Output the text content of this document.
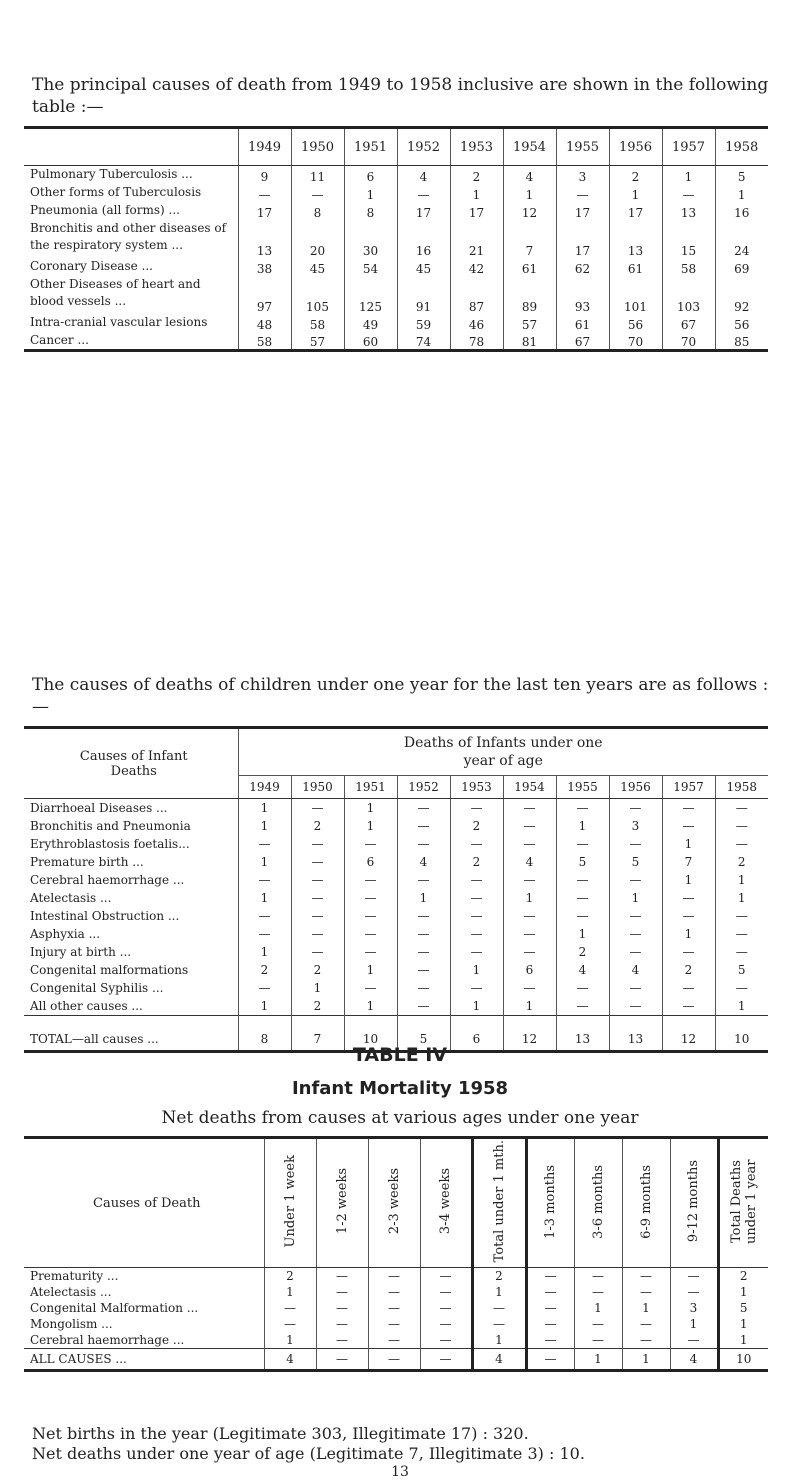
The principal causes of death from 1949 to 1958 inclusive are shown in the following table :—
	1949	1950	1951	1952	1953	1954	1955	1956	1957	1958
Pulmonary Tuberculosis ...	9	11	6	4	2	4	3	2	1	5
Other forms of Tuberculosis	—	—	1	—	1	1	—	1	—	1
Pneumonia (all forms) ...	17	8	8	17	17	12	17	17	13	16
Bronchitis and other diseases of the respiratory system ...	13	20	30	16	21	7	17	13	15	24
Coronary Disease ...	38	45	54	45	42	61	62	61	58	69
Other Diseases of heart and blood vessels ...	97	105	125	91	87	89	93	101	103	92
Intra-cranial vascular lesions	48	58	49	59	46	57	61	56	67	56
Cancer ...	58	57	60	74	78	81	67	70	70	85
The causes of deaths of children under one year for the last ten years are as follows :—
Causes of Infant Deaths	Deaths of Infants under one year of age									
	1949	1950	1951	1952	1953	1954	1955	1956	1957	1958
Diarrhoeal Diseases ...	1	—	1	—	—	—	—	—	—	—
Bronchitis and Pneumonia	1	2	1	—	2	—	1	3	—	—
Erythroblastosis foetalis...	—	—	—	—	—	—	—	—	1	—
Premature birth ...	1	—	6	4	2	4	5	5	7	2
Cerebral haemorrhage ...	—	—	—	—	—	—	—	—	1	1
Atelectasis ...	1	—	—	1	—	1	—	1	—	1
Intestinal Obstruction ...	—	—	—	—	—	—	—	—	—	—
Asphyxia ...	—	—	—	—	—	—	1	—	1	—
Injury at birth ...	1	—	—	—	—	—	2	—	—	—
Congenital malformations	2	2	1	—	1	6	4	4	2	5
Congenital Syphilis ...	—	1	—	—	—	—	—	—	—	—
All other causes ...	1	2	1	—	1	1	—	—	—	1
TOTAL—all causes ...	8	7	10	5	6	12	13	13	12	10
TABLE IV
Infant Mortality 1958
Net deaths from causes at various ages under one year
Causes of Death	Under 1 week	1-2 weeks	2-3 weeks	3-4 weeks	Total under 1 mth.	1-3 months	3-6 months	6-9 months	9-12 months	Total Deaths under 1 year
Prematurity ...	2	—	—	—	2	—	—	—	—	2
Atelectasis ...	1	—	—	—	1	—	—	—	—	1
Congenital Malformation ...	—	—	—	—	—	—	1	1	3	5
Mongolism ...	—	—	—	—	—	—	—	—	1	1
Cerebral haemorrhage ...	1	—	—	—	1	—	—	—	—	1
ALL CAUSES ...	4	—	—	—	4	—	1	1	4	10
Net births in the year (Legitimate 303, Illegitimate 17) : 320.
Net deaths under one year of age (Legitimate 7, Illegitimate 3) : 10.
13
